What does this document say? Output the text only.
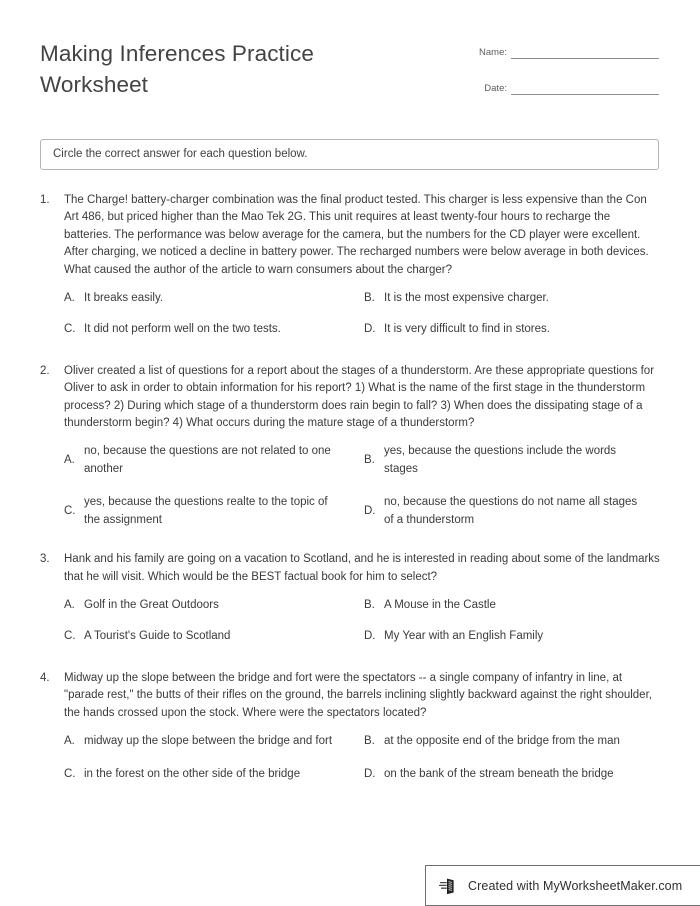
Making Inferences Practice Worksheet
Name:
Date:
Circle the correct answer for each question below.
1.	The Charge! battery-charger combination was the final product tested. This charger is less expensive than the Con Art 486, but priced higher than the Mao Tek 2G. This unit requires at least twenty-four hours to recharge the batteries. The performance was below average for the camera, but the numbers for the CD player were excellent. After charging, we noticed a decline in battery power. The recharged numbers were below average in both devices. What caused the author of the article to warn consumers about the charger?
A. It breaks easily.	B. It is the most expensive charger.
C. It did not perform well on the two tests.	D. It is very difficult to find in stores.
2.	Oliver created a list of questions for a report about the stages of a thunderstorm. Are these appropriate questions for Oliver to ask in order to obtain information for his report? 1) What is the name of the first stage in the thunderstorm process? 2) During which stage of a thunderstorm does rain begin to fall? 3) When does the dissipating stage of a thunderstorm begin? 4) What occurs during the mature stage of a thunderstorm?
A.
no, because the questions are not related to one another
B.
yes, because the questions include the words stages
C.
yes, because the questions realte to the topic of the assignment
D.
no, because the questions do not name all stages of a thunderstorm
3.	Hank and his family are going on a vacation to Scotland, and he is interested in reading about some of the landmarks that he will visit. Which would be the BEST factual book for him to select?
A. Golf in the Great Outdoors	B. A Mouse in the Castle
C. A Tourist's Guide to Scotland	D. My Year with an English Family
4.	Midway up the slope between the bridge and fort were the spectators -- a single company of infantry in line, at "parade rest," the butts of their rifles on the ground, the barrels inclining slightly backward against the right shoulder, the hands crossed upon the stock. Where were the spectators located?
A. midway up the slope between the bridge and fort	B. at the opposite end of the bridge from the man
C. in the forest on the other side of the bridge	D. on the bank of the stream beneath the bridge
Created with MyWorksheetMaker.com
